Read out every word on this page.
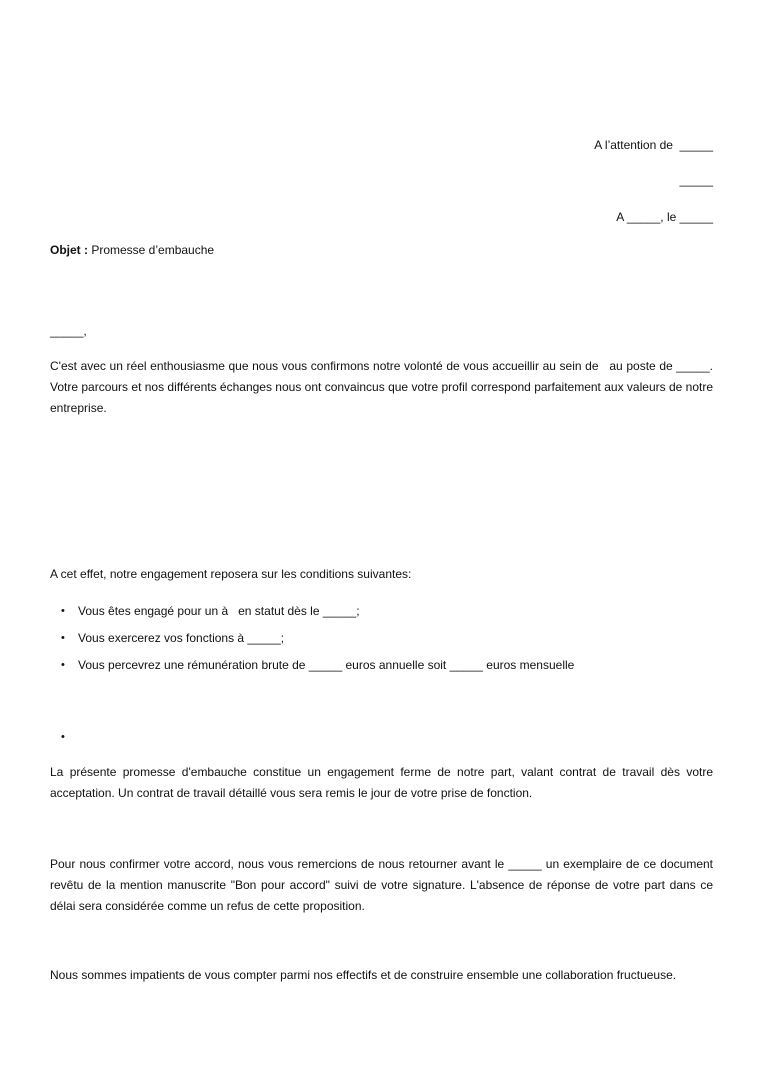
A l’attention de  _____
_____
A _____, le _____
Objet : Promesse d’embauche
_____,
C'est avec un réel enthousiasme que nous vous confirmons notre volonté de vous accueillir au sein de   au poste de _____. Votre parcours et nos différents échanges nous ont convaincus que votre profil correspond parfaitement aux valeurs de notre entreprise.
A cet effet, notre engagement reposera sur les conditions suivantes:
• Vous êtes engagé pour un à   en statut dès le _____;
• Vous exercerez vos fonctions à _____;
• Vous percevrez une rémunération brute de _____ euros annuelle soit _____ euros mensuelle
•
La présente promesse d'embauche constitue un engagement ferme de notre part, valant contrat de travail dès votre acceptation. Un contrat de travail détaillé vous sera remis le jour de votre prise de fonction.
Pour nous confirmer votre accord, nous vous remercions de nous retourner avant le _____ un exemplaire de ce document revêtu de la mention manuscrite "Bon pour accord" suivi de votre signature. L'absence de réponse de votre part dans ce délai sera considérée comme un refus de cette proposition.
Nous sommes impatients de vous compter parmi nos effectifs et de construire ensemble une collaboration fructueuse.
